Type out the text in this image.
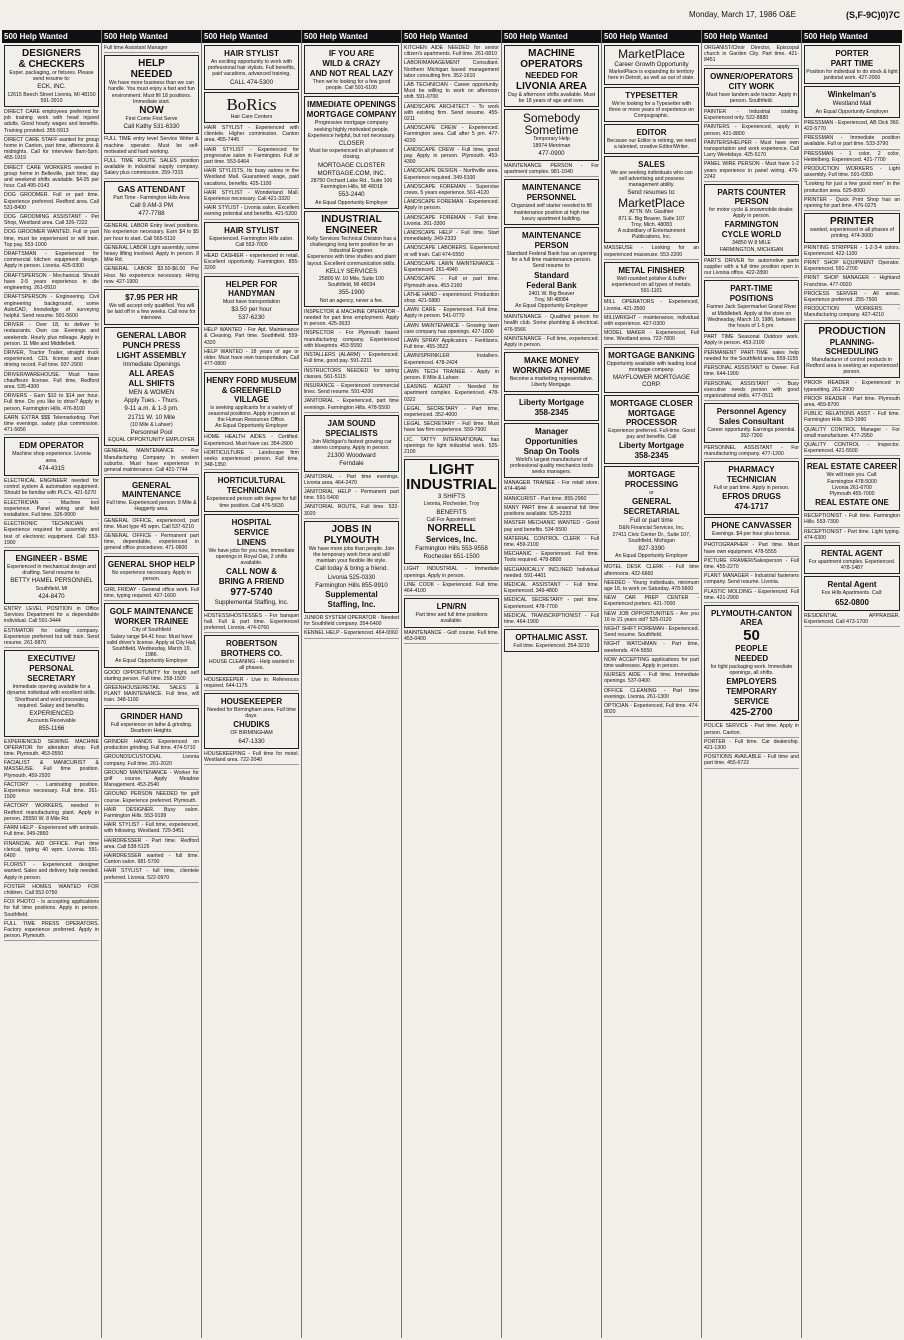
Monday, March 17, 1986 O&E	(S,F-9C)0)7C
500 Help Wanted
DESIGNERS
& CHECKERS
Exper. packaging, or fixtures. Please send resume to:
ECK, INC.
12615 Beech Street Livonia, MI 48150 591-3910
DIRECT CARE employees preferred for job training work with head injured adults. Good hourly wages and benefits. Training provided. 355-5913
DIRECT CARE STAFF wanted for group home in Canton, part time, afternoons & midnights. Call for interview 8am-5pm. 455-1919
DIRECT CARE WORKERS needed in group home in Belleville, part time, day and weekend shifts available. $4.05 per hour. Call 495-0143
DOG GROOMER. Full or part time. Experience preferred. Redford area. Call 531-8400
DOG GROOMING ASSISTANT - Pet Shop, Westland area. Call 326-7222
DOG GROOMER WANTED. Full or part time, must be experienced or will train. Top pay. 553-1000
DRAFTSMAN - Experienced for commercial kitchen equipment design. Apply in person. Livonia. 425-0300
DRAFTSPERSON - Mechanical. Should have 2-5 years experience in die engineering. 261-0910
DRAFTSPERSON - Engineering. Civil engineering background, some AutoCAD, knowledge of surveying helpful. Send resume. 591-5600
DRIVER - Over 18, to deliver to restaurants. Own car. Evenings and weekends. Hourly plus mileage. Apply in person. 11 Mile and Middlebelt.
DRIVER, Tractor Trailer, straight truck experienced. CDL license and clean driving record. Full time. 937-2900
DRIVER/WAREHOUSE. Must have chauffeurs license. Full time, Redford area. 535-4300
DRIVERS - Earn $10 to $14 per hour. Full time. Do you like to drive? Apply in person, Farmington Hills. 476-8100
EARN EXTRA $$$ Telemarketing. Part time evenings, salary plus commission. 471-5656
EDM OPERATOR
Machine shop experience. Livonia area.
474-4315
ELECTRICAL ENGINEER needed for control system & automation equipment. Should be familiar with PLC's. 421-5270
ELECTRICIAN - Machine tool experience. Panel wiring and field installation. Full time. 326-9900
ELECTRONIC TECHNICIAN - Experience required for assembly and test of electronic equipment. Call 553-1900
ENGINEER - BSME
Experienced in mechanical design and drafting. Send resume to:
BETTY HAMEL PERSONNEL
Southfield, MI
424-8470
ENTRY LEVEL POSITION in Office Services Department for a dependable individual. Call 591-3444
ESTIMATOR for ceiling company. Experience preferred but will train. Send resume. 261-5870
EXECUTIVE/
PERSONAL
SECRETARY
Immediate opening available for a dynamic individual with excellent skills. Shorthand and word processing required. Salary and benefits.
EXPERIENCED
Accounts Receivable
855-1166
EXPERIENCED SEWING MACHINE OPERATOR for alteration shop. Full time. Plymouth. 453-0550
FACIALIST & MANICURIST & MASSEUSE. Full time position. Plymouth. 459-2920
FACTORY - Laminating position. Experience necessary. Full time. 261-1500
FACTORY WORKERS, needed in Redford manufacturing plant. Apply in person. 25550 W. 8 Mile Rd.
FARM HELP - Experienced with animals. Full time. 349-2860
FINANCIAL AID OFFICE. Part time clerical, typing 40 wpm. Livonia. 591-6400
FLORIST - Experienced designer wanted. Sales and delivery help needed. Apply in person.
FOSTER HOMES WANTED FOR children. Call 552-0750
FOX PHOTO - Is accepting applications for full time positions. Apply in person. Southfield.
FULL TIME PRESS OPERATORS. Factory experience preferred. Apply in person. Plymouth.
500 Help Wanted
Full time Assistant Manager
HELP
NEEDED
We have more business than we can handle. You must enjoy a fast and fun environment. Must fill 18 positions. Immediate start.
NOW
First Come First Serve
Call Kathy 531-6330
FULL TIME entry level Service Writer & machine operator. Must be self-motivated and hard working.
FULL TIME ROUTE SALES position available in industrial supply company. Salary plus commission. 259-7315
GAS ATTENDANT
Part Time - Farmington Hills Area
Call 9 AM-3 PM
477-7788
GENERAL LABOR Entry level positions. No experience necessary. Earn $4 to $5 per hour to start. Call 565-5110
GENERAL LABOR Light assembly, some heavy lifting involved. Apply in person. 8 Mile Rd.
GENERAL LABOR $3.50-$6.00 Per Hour. No experience necessary. Hiring now. 427-1900
$7.95 PER HR
We will accept only qualified. You will be laid off in a few weeks. Call now for interview.
GENERAL LABOR
PUNCH PRESS
LIGHT ASSEMBLY
Immediate Openings
ALL AREAS
ALL SHIFTS
MEN & WOMEN
Apply Tues. - Thurs.
9-11 a.m. & 1-3 pm.
21711 W. 10 Mile
(10 Mile & Lahser)
Personnel Pool
EQUAL OPPORTUNITY EMPLOYER
GENERAL MAINTENANCE - For Manufacturing Company in western suburbs. Must have experience in general maintenance. Call 421-7744
GENERAL MAINTENANCE
Full time. Experienced person. 9 Mile & Haggerty area.
GENERAL OFFICE, experienced, part time. Must type 45 wpm. Call 537-6210
GENERAL OFFICE - Permanent part time, dependable, experienced in general office procedures. 471-0600
GENERAL SHOP HELP
No experience necessary. Apply in person.
GIRL FRIDAY - General office work. Full time, typing required. 427-1600
GOLF MAINTENANCE
WORKER TRAINEE
City of Southfield
Salary range $4.41 hour. Must have valid driver's license. Apply at City Hall, Southfield, Wednesday, March 19, 1986.
An Equal Opportunity Employer
GOOD OPPORTUNITY for bright, self starting person. Full time. 258-1500
GREENHOUSE/RETAIL SALES & PLANT MAINTENANCE. Full time, will train. 348-1100
GRINDER HAND
Full experience on lathe & grinding. Dearborn Heights.
GRINDER HANDS Experienced on production grinding. Full time. 474-5710
GROUNDS/CUSTODIAL Livonia company. Full time. 261-2020
GROUND MAINTENANCE - Worker for golf course. Apply Meadow Management. 453-2540
GROUND PERSON NEEDED for golf course. Experience preferred. Plymouth.
HAIR DESIGNER. Busy salon. Farmington Hills. 553-9199
HAIR STYLIST - Full time, experienced, with following. Westland. 729-3451
HAIRDRESSER - Part time. Redford area. Call 538-5125
HAIRDRESSER wanted - full time. Canton salon. 981-5700
HAIR STYLIST - full time, clientele preferred. Livonia. 522-0970
500 Help Wanted
HAIR STYLIST
An exciting opportunity to work with professional hair stylists. Full benefits, paid vacations, advanced training.
CALL 474-5300
BoRics
Hair Care Centers
HAIR STYLIST - Experienced with clientele. Higher commission. Canton area. 455-7445
HAIR STYLIST - Experienced for progressive salon in Farmington. Full or part time. 553-6464
HAIR STYLISTS, Its busy salons in the Westland Mall. Guaranteed wage, paid vacations, benefits. 425-1100
HAIR STYLIST - Wonderland Mall. Experience necessary. Call 421-3320
HAIR STYLIST - Livonia salon. Excellent earning potential and benefits. 421-5200
HAIR STYLIST
Experienced. Farmington Hills salon. Call 553-7000
HEAD CASHIER - experienced in retail. Excellent opportunity. Farmington. 855-3200
HELPER FOR HANDYMAN
Must have transportation
$3.50 per hour
537-6230
HELP WANTED - For Apt. Maintenance & Cleaning. Part time. Southfield. 559-4320
HELP WANTED - 18 years of age or older. Must have own transportation. Call 477-0800
HENRY FORD MUSEUM
& GREENFIELD VILLAGE
is seeking applicants for a variety of seasonal positions. Apply in person at the Human Resources Office.
An Equal Opportunity Employer
HOME HEALTH AIDES - Certified. Experienced. Must have car. 354-2900
HORTICULTURE - Landscape firm seeks experienced person. Full time. 348-1350
HORTICULTURAL
TECHNICIAN
Experienced person with degree for full time position. Call 476-5630
HOSPITAL
SERVICE
LINENS
We have jobs for you now, immediate openings in Royal Oak, 2 shifts available.
CALL NOW &
BRING A FRIEND
977-5740
Supplemental Staffing, Inc.
HOSTESS/HOSTESSES - For banquet hall. Full & part time. Experienced preferred. Livonia. 474-0760
ROBERTSON
BROTHERS CO.
HOUSE CLEANING - Help wanted in all phases.
HOUSEKEEPER - Live in. References required. 644-1175
HOUSEKEEPER
Needed for Birmingham area. Full time days.
CHUDIKS
OF BIRMINGHAM
647-1330
HOUSEKEEPING - Full time for motel. Westland area. 722-2040
500 Help Wanted
IF YOU ARE
WILD & CRAZY
AND NOT REAL LAZY
Then we're looking for a few good people. Call 591-6100
IMMEDIATE OPENINGS
MORTGAGE COMPANY
Progressive mortgage company seeking highly motivated people. Experience helpful, but not necessary.
CLOSER
Must be experienced in all phases of closing.
MORTGAGE CLOSTER
MORTGAGE.COM, INC.
28750 Orchard Lake Rd., Suite 106
Farmington Hills, MI 48018
553-2440
An Equal Opportunity Employer
INDUSTRIAL
ENGINEER
Kelly Services Technical Division has a challenging long term position for an Industrial Engineer.
Experience with time studies and plant layout. Excellent communication skills.
KELLY SERVICES
25800 W. 10 Mile, Suite 100
Southfield, MI 48034
355-1900
Not an agency, never a fee.
INSPECTOR & MACHINE OPERATOR - needed for part time employment. Apply in person. 425-3633
INSPECTOR - For Plymouth based manufacturing company. Experienced with blueprints. 453-5550
INSTALLERS (ALARM) - Experienced. Full time, good pay. 591-2211
INSTRUCTORS NEEDED for spring classes. 561-5115
INSURANCE - Experienced commercial lines. Send resume. 591-4200
JANITORIAL - Experienced, part time evenings. Farmington Hills. 478-5500
JAM SOUND
SPECIALISTS
Join Michigan's fastest growing car stereo company. Apply in person.
21300 Woodward
Ferndale
JANITORIAL - Part time evenings. Livonia area. 464-2470
JANITORIAL HELP - Permanent part time. 591-5400
JANITORIAL ROUTE, Full time. 532-3020
JOBS IN
PLYMOUTH
We have more jobs than people. Join the temporary work force and still maintain your flexible life style.
Call today & bring a friend.
Livonia 525-0330
Farmington Hills 855-9910
Supplemental
Staffing, Inc.
JUNIOR SYSTEM OPERATOR - Needed for Southfield company. 354-6400
KENNEL HELP - Experienced. 464-0060
500 Help Wanted
KITCHEN AIDE NEEDED for senior citizen's apartments. Full time. 261-0810
LABOR/MANAGEMENT Consultant. Northern Michigan based management labor consulting firm. 352-1610
LAB TECHNICIAN - Career opportunity. Must be willing to work on afternoon shift. 591-0700
LANDSCAPE ARCHITECT - To work with existing firm. Send resume. 455-0211
LANDSCAPE CREW - Experienced. Farmington area. Call after 5 pm. 477-4220
LANDSCAPE CREW - Full time, good pay. Apply in person. Plymouth. 453-4300
LANDSCAPE DESIGN - Northville area. Experience required. 349-5100
LANDSCAPE FOREMAN - Supervise crews. 5 years experience. 561-4120
LANDSCAPE FOREMAN - Experienced. Apply in person.
LANDSCAPE FOREMAN - Full time. Livonia. 261-3300
LANDSCAPE HELP - Full time. Start immediately. 349-2333
LANDSCAPE LABORERS. Experienced or will train. Call 474-5550
LANDSCAPE LAWN MAINTENANCE - Experienced. 261-4940
LANDSCAPE - Full or part time. Plymouth area. 453-2160
LATHE HAND - experienced. Production shop. 421-5880
LAWN CARE - Experienced. Full time. Apply in person. 541-0770
LAWN MAINTENANCE - Growing lawn care company has openings. 427-1800
LAWN SPRAY Applicators - Fertilizers. Full time. 455-3522
LAWN/SPRINKLER Installers. Experienced. 478-2424
LAWN TECH TRAINEE - Apply in person. 8 Mile & Lahser.
LEASING AGENT - Needed for apartment complex. Experienced. 478-0322
LEGAL SECRETARY - Part time, experienced. 352-4000
LEGAL SECRETARY - Full time. Must have law firm experience. 559-7900
LIC. TATTY INTERNATIONAL has openings for light industrial work. 525-2100
LIGHT
INDUSTRIAL
3 SHIFTS
Livonia, Rochester, Troy
BENEFITS
Call For Appointment:
NORRELL
Services, Inc.
Farmington Hills 553-9558
Rochester 651-1500
LIGHT INDUSTRIAL - Immediate openings. Apply in person.
LINE COOK - Experienced. Full time. 464-4100
LPN/RN
Part time and full time positions available.
MAINTENANCE - Golf course. Full time. 453-0400
500 Help Wanted
MACHINE
OPERATORS
NEEDED FOR
LIVONIA AREA
Day & afternoon shifts available. Must be 18 years of age and over.
Somebody
Sometime
Temporary Help
18974 Merriman
477-0900
MAINTENANCE PERSON - For apartment complex. 981-1040
MAINTENANCE
PERSONNEL
Organized self starter needed to fill maintenance position at high rise luxury apartment building.
MAINTENANCE
PERSON
Standard Federal Bank has an opening for a full time maintenance person.
Send resume to:
Standard
Federal Bank
2401 W. Big Beaver
Troy, MI 48084
An Equal Opportunity Employer
MAINTENANCE - Qualified person for health club. Some plumbing & electrical. 476-5566
MAINTENANCE - Full time, experienced. Apply in person.
MAKE MONEY
WORKING AT HOME
Become a marketing representative. Liberty Mortgage.
Liberty Mortgage
358-2345
Manager
Opportunities
Snap On Tools
World's largest manufacturer of professional quality mechanics tools seeks managers.
MANAGER TRAINEE - For retail store. 474-4644
MANICURIST - Part time. 855-2960
MANY PART time & seasonal full time positions available. 525-2233
MASTER MECHANIC WANTED - Good pay and benefits. 534-5500
MATERIAL CONTROL CLERK - Full time. 459-2100
MECHANIC - Experienced. Full time. Tools required. 478-8800
MECHANICALLY INCLINED Individual needed. 591-4401
MEDICAL ASSISTANT - Full time. Experienced. 349-4800
MEDICAL SECRETARY - part time. Experienced. 478-7700
MEDICAL TRANSCRIPTIONIST - Full time. 464-1900
OPTHALMIC ASST.
Full time. Experienced. 354-3210
500 Help Wanted
MarketPlace
Career Growth Opportunity
MarketPlace is expanding its territory here in Detroit, as well as out of state.
TYPESETTER
We're looking for a Typesetter with three or more years of experience on Compugraphic.
EDITOR
Because our Editor is retiring, we need a talented, creative Editor/Writer.
SALES
We are seeking individuals who can sell advertising and possess management ability.
Send resumes to:
MarketPlace
ATTN: Mr. Gauthier
871 E. Big Beaver, Suite 107
Troy, Mich. 48083
A subsidiary of Entertainment Publications, Inc.
MASSEUSE - Looking for an experienced masseuse. 553-2200
METAL FINISHER
Well rounded polisher & buffer experienced on all types of metals. 591-1101
MILL OPERATORS - Experienced, Livonia. 421-3500
MILLWRIGHT - maintenance, individual with experience. 427-0300
MODEL MAKER - Experienced, Full time. Westland area. 722-7800
MORTGAGE BANKING
Opportunity available with leading local mortgage company.
MAYFLOWER MORTGAGE CORP.
MORTGAGE CLOSER
MORTGAGE PROCESSOR
Experience preferred. Full-time. Good pay and benefits. Call
Liberty Mortgage
358-2345
MORTGAGE
PROCESSING
or
GENERAL
SECRETARIAL
Full or part time
D&N Financial Services, Inc.
27411 Civic Center Dr., Suite 107, Southfield, Michigan
827-3390
An Equal Opportunity Employer
MOTEL DESK CLERK - Full time afternoons. 422-6660
NEEDED - Young individuals, minimum age 18, to work on Saturday. 478-5600
NEW CAR PREP CENTER - Experienced porters. 421-7000
NEW JOB OPPORTUNITIES - Are you 16 to 21 years old? 525-0120
NIGHT SHIFT FOREMAN - Experienced. Send resume. Southfield.
NIGHT WATCHMAN - Part time, weekends. 474-5650
NOW ACCEPTING applications for part time waitresses. Apply in person.
NURSES AIDE - Full time. Immediate openings. 537-0400
OFFICE CLEANING - Part time evenings. Livonia. 261-1300
OPTICIAN - Experienced, Full time. 474-8020
500 Help Wanted
ORGANIST/Choir Director, Episcopal church in Garden City. Part time. 421-8451
OWNER/OPERATORS
CITY WORK
Must have tandem axle tractor. Apply in person. Southfield.
PAINTER - Industrial coating. Experienced only. 522-8880
PAINTERS - Experienced, apply in person. 421-8800
PAINTERS/HELPER - Must have own transportation and work experience. Call Larry Weekdays. 425-5170
PANEL WIRE PERSON - Must have 1-2 years experience in panel wiring. 476-2242
PARTS COUNTER PERSON
for motor cycle & snowmobile dealer. Apply in person.
FARMINGTON
CYCLE WORLD
34850 W 8 MILE
FARMINGTON, MICHIGAN
PARTS DRIVER for automotive parts supplier with a full time position open in our Livonia office. 422-2890
PART-TIME
POSITIONS
Farmer Jack Supermarket Grand River at Middlebelt. Apply at the store on Wednesday, March 19, 1986, between the hours of 1-5 pm.
PART TIME Seasonal Outdoor work. Apply in person. 453-2100
PERMANENT PART-TIME sales help needed for the Southfield area. 559-1155
PERSONAL ASSISTANT to Owner. Full time. 644-1900
PERSONAL ASSISTANT - Busy executive needs person with good organizational skills. 477-0511
Personnel Agency
Sales Consultant
Career opportunity. Earnings potential. 352-7300
PERSONNEL ASSISTANT - For manufacturing company. 477-1200
PHARMACY
TECHNICIAN
Full or part time. Apply in person.
EFROS DRUGS
474-1717
PHONE CANVASSER
Evenings. $4 per hour plus bonus.
PHOTOGRAPHER - Part time. Must have own equipment. 478-5555
PICTURE FRAMER/Salesperson - Full time. 455-2270
PLANT MANAGER - Industrial fasteners company. Send resume. Livonia.
PLASTIC MOLDING - Experienced. Full time. 421-2900
PLYMOUTH-CANTON AREA
50
PEOPLE
NEEDED
for light packaging work. Immediate openings, all shifts.
EMPLOYERS
TEMPORARY
SERVICE
425-2700
POLICE SERVICE - Part time. Apply in person. Canton.
PORTER - Full time. Car dealership. 421-1300
POSITIONS AVAILABLE - Full time and part time. 455-6722
500 Help Wanted
PORTER
PART TIME
Position for individual to do stock & light janitorial work. 427-2000
Winkelman's
Westland Mall
An Equal Opportunity Employer
PRESSMAN - Experienced, AB Dick 360. 422-5770
PRESSMAN - Immediate position available. Full or part time. 533-3790
PRESSMAN - 1 color, 2 color, Heidelberg. Experienced. 421-7700
PRODUCTION WORKERS - Light assembly. Full time. 591-0300
"Looking for just a few good men" in the production area. 525-8000
PRINTER - Quick Print Shop has an opening for part time. 476-0275
PRINTER
wanted, experienced in all phases of printing. 474-3000
PRINTING STRIPPER - 1-2-3-4 colors. Experienced. 422-1100
PRINT SHOP EQUIPMENT Operator. Experienced. 591-2700
PRINT SHOP MANAGER - Highland Franchise. 477-0920
PROCESS SERVER - All areas. Experience preferred. 255-7500
PRODUCTION WORKERS - Manufacturing company. 427-4210
PRODUCTION
PLANNING-SCHEDULING
Manufacturer of control products in Redford area is seeking an experienced person.
PROOF READER - Experienced in typesetting. 261-2900
PROOF READER - Part time. Plymouth area. 459-8700
PUBLIC RELATIONS ASST - Full time. Farmington Hills. 553-1990
QUALITY CONTROL Manager - For small manufacturer. 477-2950
QUALITY CONTROL - Inspector. Experienced. 421-5500
REAL ESTATE CAREER
We will train you. Call:
Farmington 478-5000
Livonia 261-6700
Plymouth 455-7000
REAL ESTATE ONE
RECEPTIONIST - Full time. Farmington Hills. 553-7300
RECEPTIONIST - Part time. Light typing. 474-6300
RENTAL AGENT
For apartment complex. Experienced. 478-1487
Rental Agent
Fox Hills Apartments. Call:
652-0800
RESIDENTIAL APPRAISER. Experienced. Call 473-1700
